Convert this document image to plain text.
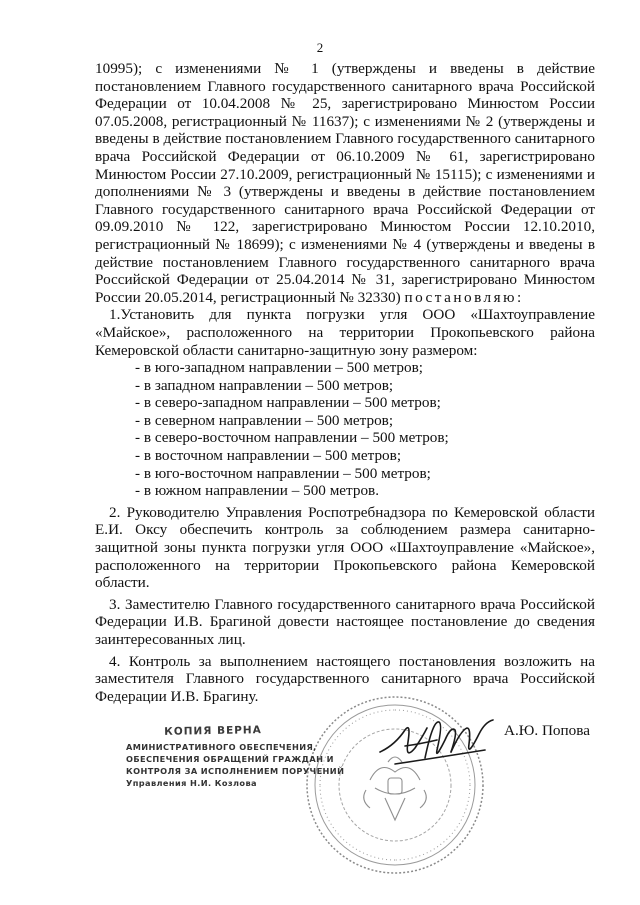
2

10995); с изменениями № 1 (утверждены и введены в действие постановлением Главного государственного санитарного врача Российской Федерации от 10.04.2008 № 25, зарегистрировано Минюстом России 07.05.2008, регистрационный № 11637); с изменениями № 2 (утверждены и введены в действие постановлением Главного государственного санитарного врача Российской Федерации от 06.10.2009 № 61, зарегистрировано Минюстом России 27.10.2009, регистрационный № 15115); с изменениями и дополнениями № 3 (утверждены и введены в действие постановлением Главного государственного санитарного врача Российской Федерации от 09.09.2010 № 122, зарегистрировано Минюстом России 12.10.2010, регистрационный № 18699); с изменениями № 4 (утверждены и введены в действие постановлением Главного государственного санитарного врача Российской Федерации от 25.04.2014 № 31, зарегистрировано Минюстом России 20.05.2014, регистрационный № 32330) постановляю:

1.Установить для пункта погрузки угля ООО «Шахтоуправление «Майское», расположенного на территории Прокопьевского района Кемеровской области санитарно-защитную зону размером:

- в юго-западном направлении – 500 метров;
- в западном направлении – 500 метров;
- в северо-западном направлении – 500 метров;
- в северном направлении – 500 метров;
- в северо-восточном направлении – 500 метров;
- в восточном направлении – 500 метров;
- в юго-восточном направлении – 500 метров;
- в южном направлении – 500 метров.

2. Руководителю Управления Роспотребнадзора по Кемеровской области Е.И. Оксу обеспечить контроль за соблюдением размера санитарно-защитной зоны пункта погрузки угля ООО «Шахтоуправление «Майское», расположенного на территории Прокопьевского района Кемеровской области.

3. Заместителю Главного государственного санитарного врача Российской Федерации И.В. Брагиной довести настоящее постановление до сведения заинтересованных лиц.

4. Контроль за выполнением настоящего постановления возложить на заместителя Главного государственного санитарного врача Российской Федерации И.В. Брагину.

А.Ю. Попова
КОПИЯ ВЕРНА
АМИНИСТРАТИВНОГО ОБЕСПЕЧЕНИЯ,
ОБЕСПЕЧЕНИЯ ОБРАЩЕНИЙ ГРАЖДАН И
КОНТРОЛЯ ЗА ИСПОЛНЕНИЕМ ПОРУЧЕНИЙ
Управления Н.И. Козлова
